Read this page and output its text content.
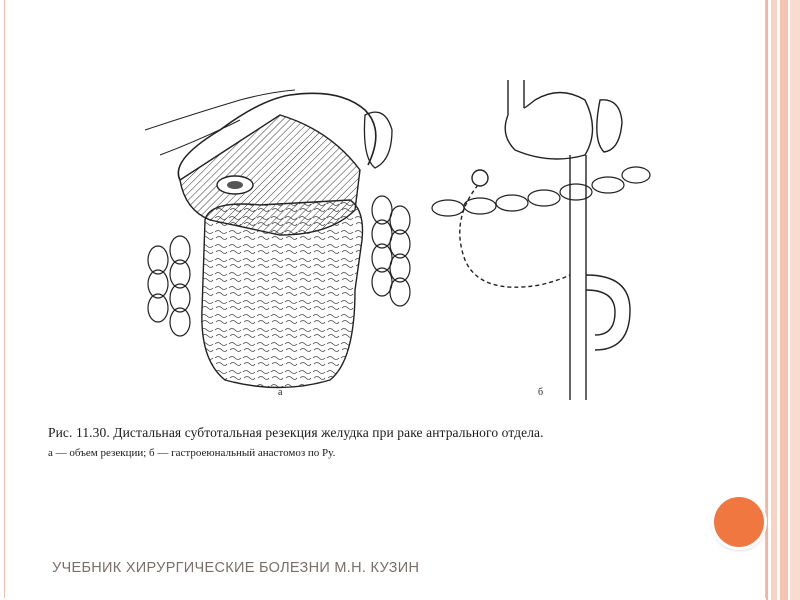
а	б
Рис. 11.30. Дистальная субтотальная резекция желудка при раке антрального отдела.
а — объем резекции; б — гастроеюнальный анастомоз по Ру.
УЧЕБНИК ХИРУРГИЧЕСКИЕ БОЛЕЗНИ М.Н. КУЗИН
